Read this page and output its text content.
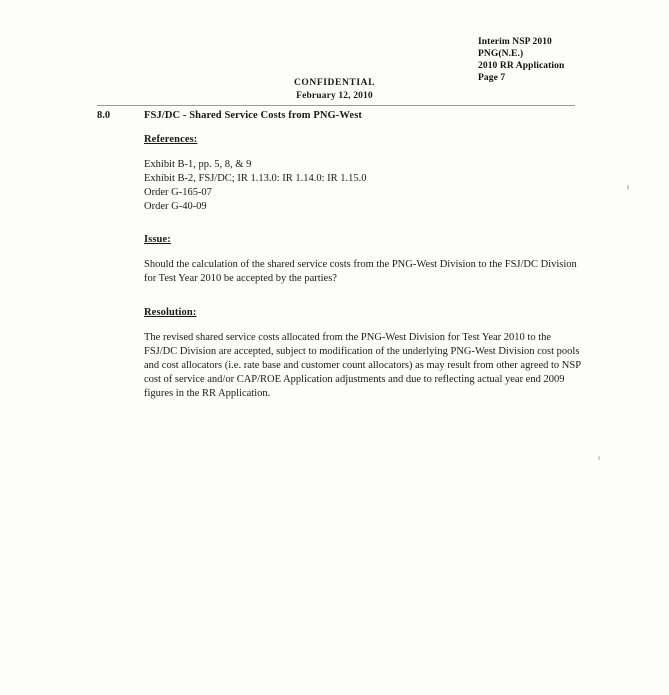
Interim NSP 2010
PNG(N.E.)
2010 RR Application
Page 7
CONFIDENTIAL
February 12, 2010
8.0	FSJ/DC - Shared Service Costs from PNG-West

References:

Exhibit B-1, pp. 5, 8, & 9

Exhibit B-2, FSJ/DC; IR 1.13.0: IR 1.14.0: IR 1.15.0

Order G-165-07

Order G-40-09

Issue:

Should the calculation of the shared service costs from the PNG-West Division to the FSJ/DC Division for Test Year 2010 be accepted by the parties?

Resolution:

The revised shared service costs allocated from the PNG-West Division for Test Year 2010 to the FSJ/DC Division are accepted, subject to modification of the underlying PNG-West Division cost pools and cost allocators (i.e. rate base and customer count allocators) as may result from other agreed to NSP cost of service and/or CAP/ROE Application adjustments and due to reflecting actual year end 2009 figures in the RR Application.
